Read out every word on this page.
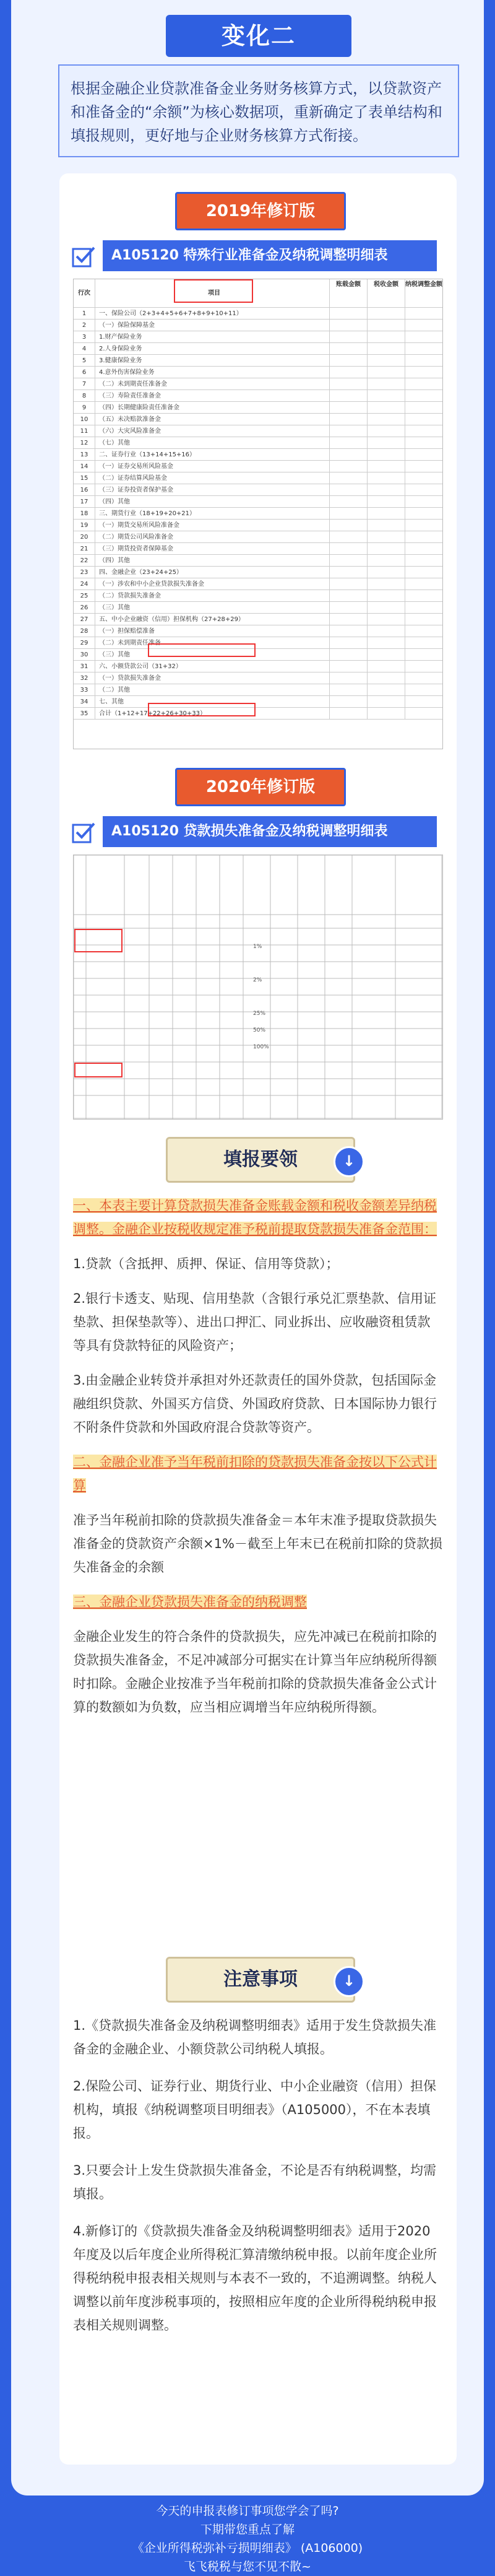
变化二
根据金融企业贷款准备金业务财务核算方式，以贷款资产和准备金的“余额”为核心数据项，重新确定了表单结构和填报规则，更好地与企业财务核算方式衔接。
2019年修订版
A105120 特殊行业准备金及纳税调整明细表
行次	项目
账载金额	税收金额	纳税调整金额
1	一、保险公司（2+3+4+5+6+7+8+9+10+11）
2	（一）保险保障基金
3	1.财产保险业务
4	2.人身保险业务
5	3.健康保险业务
6	4.意外伤害保险业务
7	（二）未到期责任准备金
8	（三）寿险责任准备金
9	（四）长期健康险责任准备金
10	（五）未决赔款准备金
11	（六）大灾风险准备金
12	（七）其他
13	二、证券行业（13+14+15+16）
14	（一）证券交易所风险基金
15	（二）证券结算风险基金
16	（三）证券投资者保护基金
17	（四）其他
18	三、期货行业（18+19+20+21）
19	（一）期货交易所风险准备金
20	（二）期货公司风险准备金
21	（三）期货投资者保障基金
22	（四）其他
23	四、金融企业（23+24+25）
24	（一）涉农和中小企业贷款损失准备金
25	（二）贷款损失准备金
26	（三）其他
27	五、中小企业融资（信用）担保机构（27+28+29）
28	（一）担保赔偿准备
29	（二）未到期责任准备
30	（三）其他
31	六、小额贷款公司（31+32）
32	（一）贷款损失准备金
33	（二）其他
34	七、其他
35	合计（1+12+17+22+26+30+33）
2020年修订版
A105120 贷款损失准备金及纳税调整明细表
1%
2%
25%
50%
100%
填报要领	↓

一、本表主要计算贷款损失准备金账载金额和税收金额差异纳税调整。金融企业按税收规定准予税前提取贷款损失准备金范围：

1.贷款（含抵押、质押、保证、信用等贷款）；

2.银行卡透支、贴现、信用垫款（含银行承兑汇票垫款、信用证垫款、担保垫款等）、进出口押汇、同业拆出、应收融资租赁款等具有贷款特征的风险资产；

3.由金融企业转贷并承担对外还款责任的国外贷款，包括国际金融组织贷款、外国买方信贷、外国政府贷款、日本国际协力银行不附条件贷款和外国政府混合贷款等资产。

二、金融企业准予当年税前扣除的贷款损失准备金按以下公式计算

准予当年税前扣除的贷款损失准备金＝本年末准予提取贷款损失准备金的贷款资产余额×1%－截至上年末已在税前扣除的贷款损失准备金的余额

三、金融企业贷款损失准备金的纳税调整

金融企业发生的符合条件的贷款损失，应先冲减已在税前扣除的贷款损失准备金，不足冲减部分可据实在计算当年应纳税所得额时扣除。金融企业按准予当年税前扣除的贷款损失准备金公式计算的数额如为负数，应当相应调增当年应纳税所得额。

注意事项	↓

1.《贷款损失准备金及纳税调整明细表》适用于发生贷款损失准备金的金融企业、小额贷款公司纳税人填报。

2.保险公司、证券行业、期货行业、中小企业融资（信用）担保机构，填报《纳税调整项目明细表》（A105000），不在本表填报。

3.只要会计上发生贷款损失准备金，不论是否有纳税调整，均需填报。

4.新修订的《贷款损失准备金及纳税调整明细表》适用于2020年度及以后年度企业所得税汇算清缴纳税申报。以前年度企业所得税纳税申报表相关规则与本表不一致的，不追溯调整。纳税人调整以前年度涉税事项的，按照相应年度的企业所得税纳税申报表相关规则调整。

今天的申报表修订事项您学会了吗?
下期带您重点了解
《企业所得税弥补亏损明细表》 (A106000)
飞飞税税与您不见不散~
